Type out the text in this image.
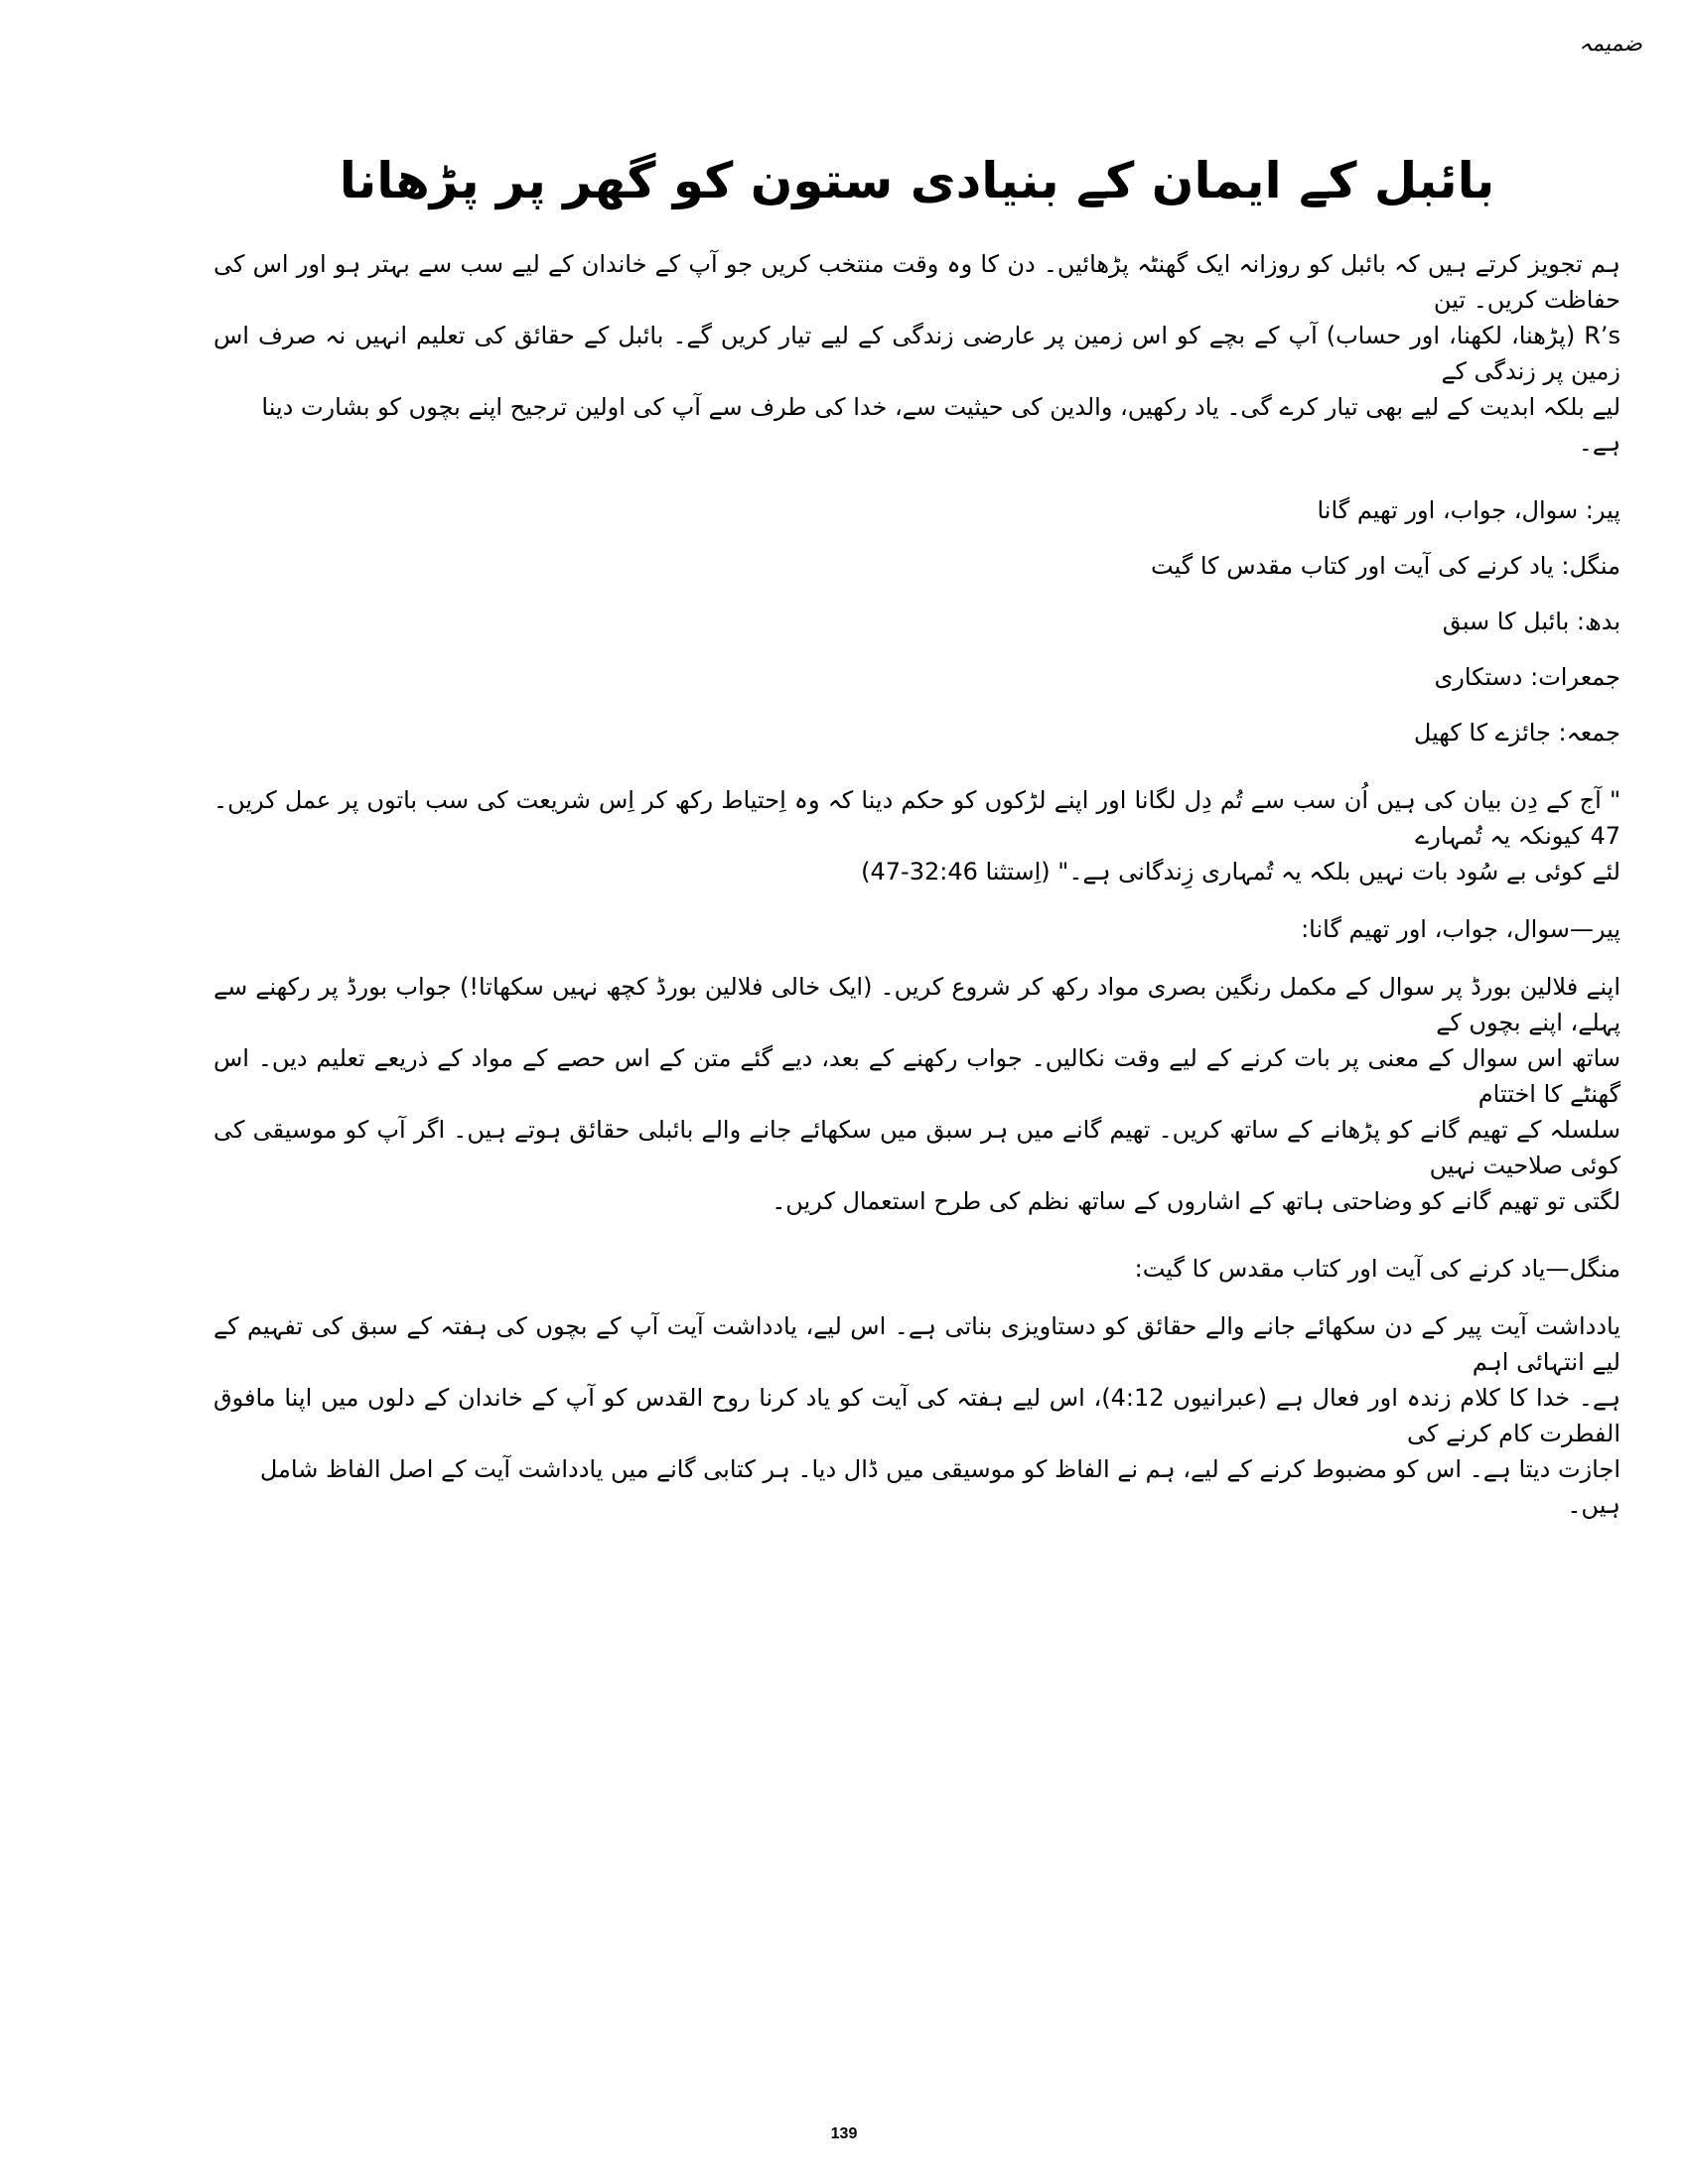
ضمیمہ
بائبل کے ایمان کے بنیادی ستون کو گھر پر پڑھانا
ہم تجویز کرتے ہیں کہ بائبل کو روزانہ ایک گھنٹہ پڑھائیں۔ دن کا وہ وقت منتخب کریں جو آپ کے خاندان کے لیے سب سے بہتر ہو اور اس کی حفاظت کریں۔ تین
R’s (پڑھنا، لکھنا، اور حساب) آپ کے بچے کو اس زمین پر عارضی زندگی کے لیے تیار کریں گے۔ بائبل کے حقائق کی تعلیم انہیں نہ صرف اس زمین پر زندگی کے
لیے بلکہ ابدیت کے لیے بھی تیار کرے گی۔ یاد رکھیں، والدین کی حیثیت سے، خدا کی طرف سے آپ کی اولین ترجیح اپنے بچوں کو بشارت دینا ہے۔
پیر: سوال، جواب، اور تھیم گانا
منگل: یاد کرنے کی آیت اور کتاب مقدس کا گیت
بدھ: بائبل کا سبق
جمعرات: دستکاری
جمعہ: جائزے کا کھیل
" آج کے دِن بیان کی ہیں اُن سب سے تُم دِل لگانا اور اپنے لڑکوں کو حکم دینا کہ وہ اِحتیاط رکھ کر اِس شریعت کی سب باتوں پر عمل کریں۔ 47 کیونکہ یہ تُمہارے
لئے کوئی بے سُود بات نہیں بلکہ یہ تُمہاری زِندگانی ہے۔" (اِستثنا 32:46-47)
پیر—سوال، جواب، اور تھیم گانا:
اپنے فلالین بورڈ پر سوال کے مکمل رنگین بصری مواد رکھ کر شروع کریں۔ (ایک خالی فلالین بورڈ کچھ نہیں سکھاتا!) جواب بورڈ پر رکھنے سے پہلے، اپنے بچوں کے
ساتھ اس سوال کے معنی پر بات کرنے کے لیے وقت نکالیں۔ جواب رکھنے کے بعد، دیے گئے متن کے اس حصے کے مواد کے ذریعے تعلیم دیں۔ اس گھنٹے کا اختتام
سلسلہ کے تھیم گانے کو پڑھانے کے ساتھ کریں۔ تھیم گانے میں ہر سبق میں سکھائے جانے والے بائبلی حقائق ہوتے ہیں۔ اگر آپ کو موسیقی کی کوئی صلاحیت نہیں
لگتی تو تھیم گانے کو وضاحتی ہاتھ کے اشاروں کے ساتھ نظم کی طرح استعمال کریں۔
منگل—یاد کرنے کی آیت اور کتاب مقدس کا گیت:
یادداشت آیت پیر کے دن سکھائے جانے والے حقائق کو دستاویزی بناتی ہے۔ اس لیے، یادداشت آیت آپ کے بچوں کی ہفتہ کے سبق کی تفہیم کے لیے انتہائی اہم
ہے۔ خدا کا کلام زندہ اور فعال ہے (عبرانیوں 4:12)، اس لیے ہفتہ کی آیت کو یاد کرنا روح القدس کو آپ کے خاندان کے دلوں میں اپنا مافوق الفطرت کام کرنے کی
اجازت دیتا ہے۔ اس کو مضبوط کرنے کے لیے، ہم نے الفاظ کو موسیقی میں ڈال دیا۔ ہر کتابی گانے میں یادداشت آیت کے اصل الفاظ شامل ہیں۔
139
